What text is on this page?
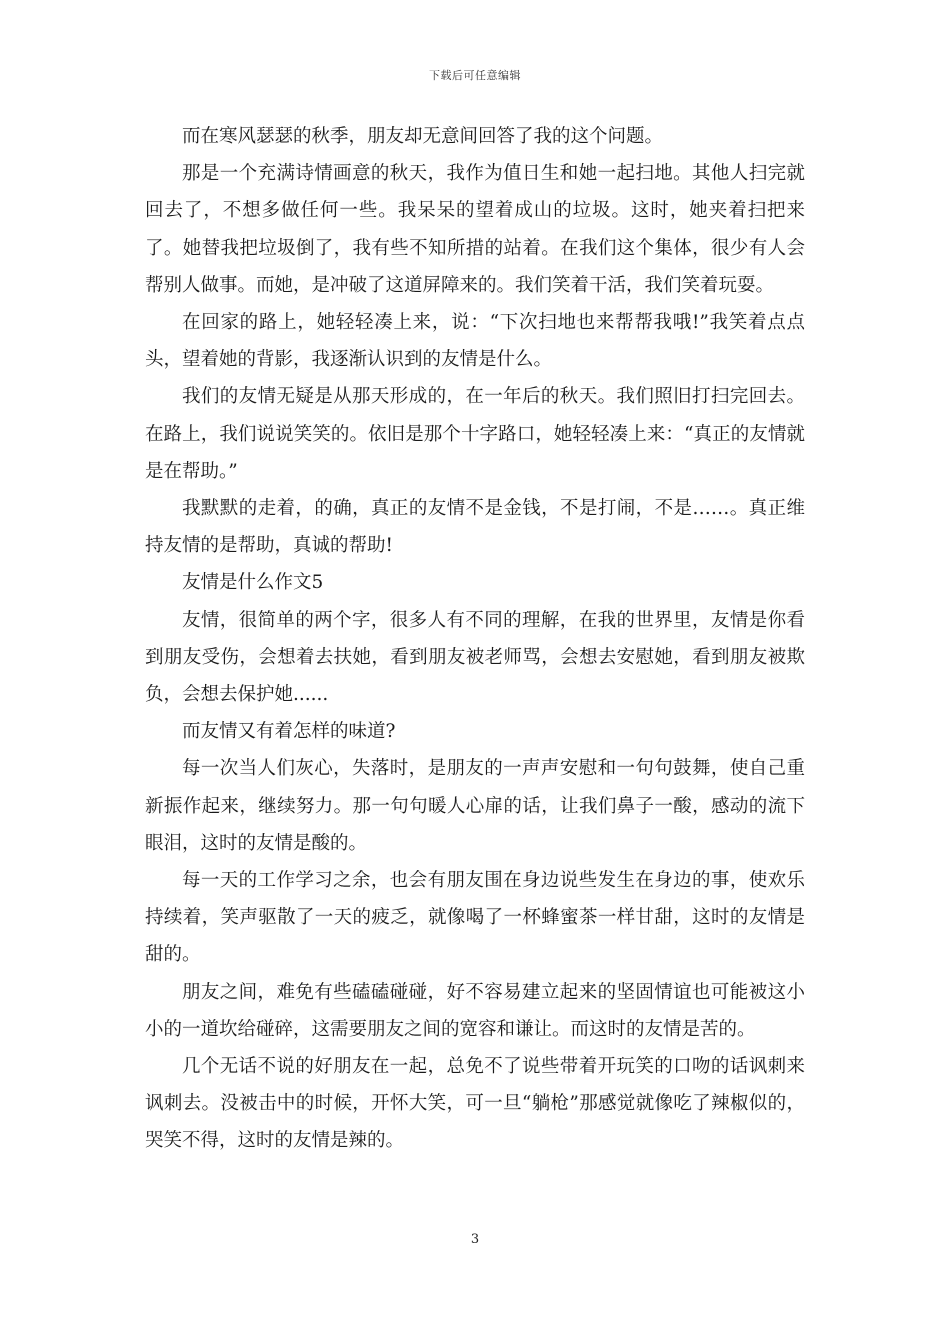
下载后可任意编辑

而在寒风瑟瑟的秋季，朋友却无意间回答了我的这个问题。

那是一个充满诗情画意的秋天，我作为值日生和她一起扫地。其他人扫完就回去了，不想多做任何一些。我呆呆的望着成山的垃圾。这时，她夹着扫把来了。她替我把垃圾倒了，我有些不知所措的站着。在我们这个集体，很少有人会帮别人做事。而她，是冲破了这道屏障来的。我们笑着干活，我们笑着玩耍。

在回家的路上，她轻轻凑上来，说：“下次扫地也来帮帮我哦!”我笑着点点头，望着她的背影，我逐渐认识到的友情是什么。

我们的友情无疑是从那天形成的，在一年后的秋天。我们照旧打扫完回去。在路上，我们说说笑笑的。依旧是那个十字路口，她轻轻凑上来：“真正的友情就是在帮助。”

我默默的走着，的确，真正的友情不是金钱，不是打闹，不是……。真正维持友情的是帮助，真诚的帮助!

友情是什么作文5

友情，很简单的两个字，很多人有不同的理解，在我的世界里，友情是你看到朋友受伤，会想着去扶她，看到朋友被老师骂，会想去安慰她，看到朋友被欺负，会想去保护她......

而友情又有着怎样的味道?

每一次当人们灰心，失落时，是朋友的一声声安慰和一句句鼓舞，使自己重新振作起来，继续努力。那一句句暖人心扉的话，让我们鼻子一酸，感动的流下眼泪，这时的友情是酸的。

每一天的工作学习之余，也会有朋友围在身边说些发生在身边的事，使欢乐持续着，笑声驱散了一天的疲乏，就像喝了一杯蜂蜜茶一样甘甜，这时的友情是甜的。

朋友之间，难免有些磕磕碰碰，好不容易建立起来的坚固情谊也可能被这小小的一道坎给碰碎，这需要朋友之间的宽容和谦让。而这时的友情是苦的。

几个无话不说的好朋友在一起，总免不了说些带着开玩笑的口吻的话讽刺来讽刺去。没被击中的时候，开怀大笑，可一旦“躺枪”那感觉就像吃了辣椒似的，哭笑不得，这时的友情是辣的。

3
